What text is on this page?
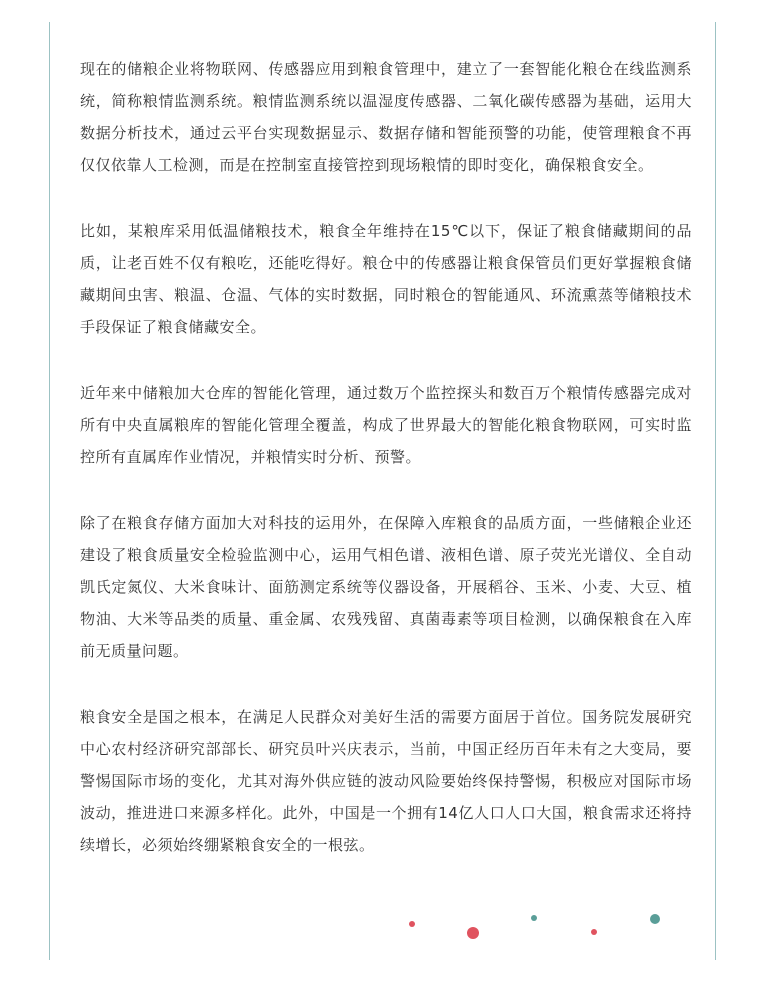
现在的储粮企业将物联网、传感器应用到粮食管理中，建立了一套智能化粮仓在线监测系统，简称粮情监测系统。粮情监测系统以温湿度传感器、二氧化碳传感器为基础，运用大数据分析技术，通过云平台实现数据显示、数据存储和智能预警的功能，使管理粮食不再仅仅依靠人工检测，而是在控制室直接管控到现场粮情的即时变化，确保粮食安全。

比如，某粮库采用低温储粮技术，粮食全年维持在15℃以下，保证了粮食储藏期间的品质，让老百姓不仅有粮吃，还能吃得好。粮仓中的传感器让粮食保管员们更好掌握粮食储藏期间虫害、粮温、仓温、气体的实时数据，同时粮仓的智能通风、环流熏蒸等储粮技术手段保证了粮食储藏安全。

近年来中储粮加大仓库的智能化管理，通过数万个监控探头和数百万个粮情传感器完成对所有中央直属粮库的智能化管理全覆盖，构成了世界最大的智能化粮食物联网，可实时监控所有直属库作业情况，并粮情实时分析、预警。

除了在粮食存储方面加大对科技的运用外，在保障入库粮食的品质方面，一些储粮企业还建设了粮食质量安全检验监测中心，运用气相色谱、液相色谱、原子荧光光谱仪、全自动凯氏定氮仪、大米食味计、面筋测定系统等仪器设备，开展稻谷、玉米、小麦、大豆、植物油、大米等品类的质量、重金属、农残残留、真菌毒素等项目检测，以确保粮食在入库前无质量问题。

粮食安全是国之根本，在满足人民群众对美好生活的需要方面居于首位。国务院发展研究中心农村经济研究部部长、研究员叶兴庆表示，当前，中国正经历百年未有之大变局，要警惕国际市场的变化，尤其对海外供应链的波动风险要始终保持警惕，积极应对国际市场波动，推进进口来源多样化。此外，中国是一个拥有14亿人口人口大国，粮食需求还将持续增长，必须始终绷紧粮食安全的一根弦。
